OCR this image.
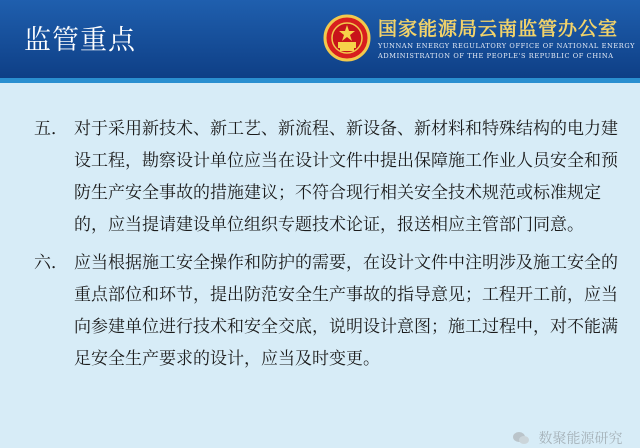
监管重点	国家能源局云南监管办公室
YUNNAN ENERGY REGULATORY OFFICE OF NATIONAL ENERGY ADMINISTRATION OF THE PEOPLE'S REPUBLIC OF CHINA
五． 对于采用新技术、新工艺、新流程、新设备、新材料和特殊结构的电力建设工程，勘察设计单位应当在设计文件中提出保障施工作业人员安全和预防生产安全事故的措施建议；不符合现行相关安全技术规范或标准规定的，应当提请建设单位组织专题技术论证，报送相应主管部门同意。
六． 应当根据施工安全操作和防护的需要，在设计文件中注明涉及施工安全的重点部位和环节，提出防范安全生产事故的指导意见；工程开工前，应当向参建单位进行技术和安全交底，说明设计意图；施工过程中，对不能满足安全生产要求的设计，应当及时变更。
数聚能源研究
